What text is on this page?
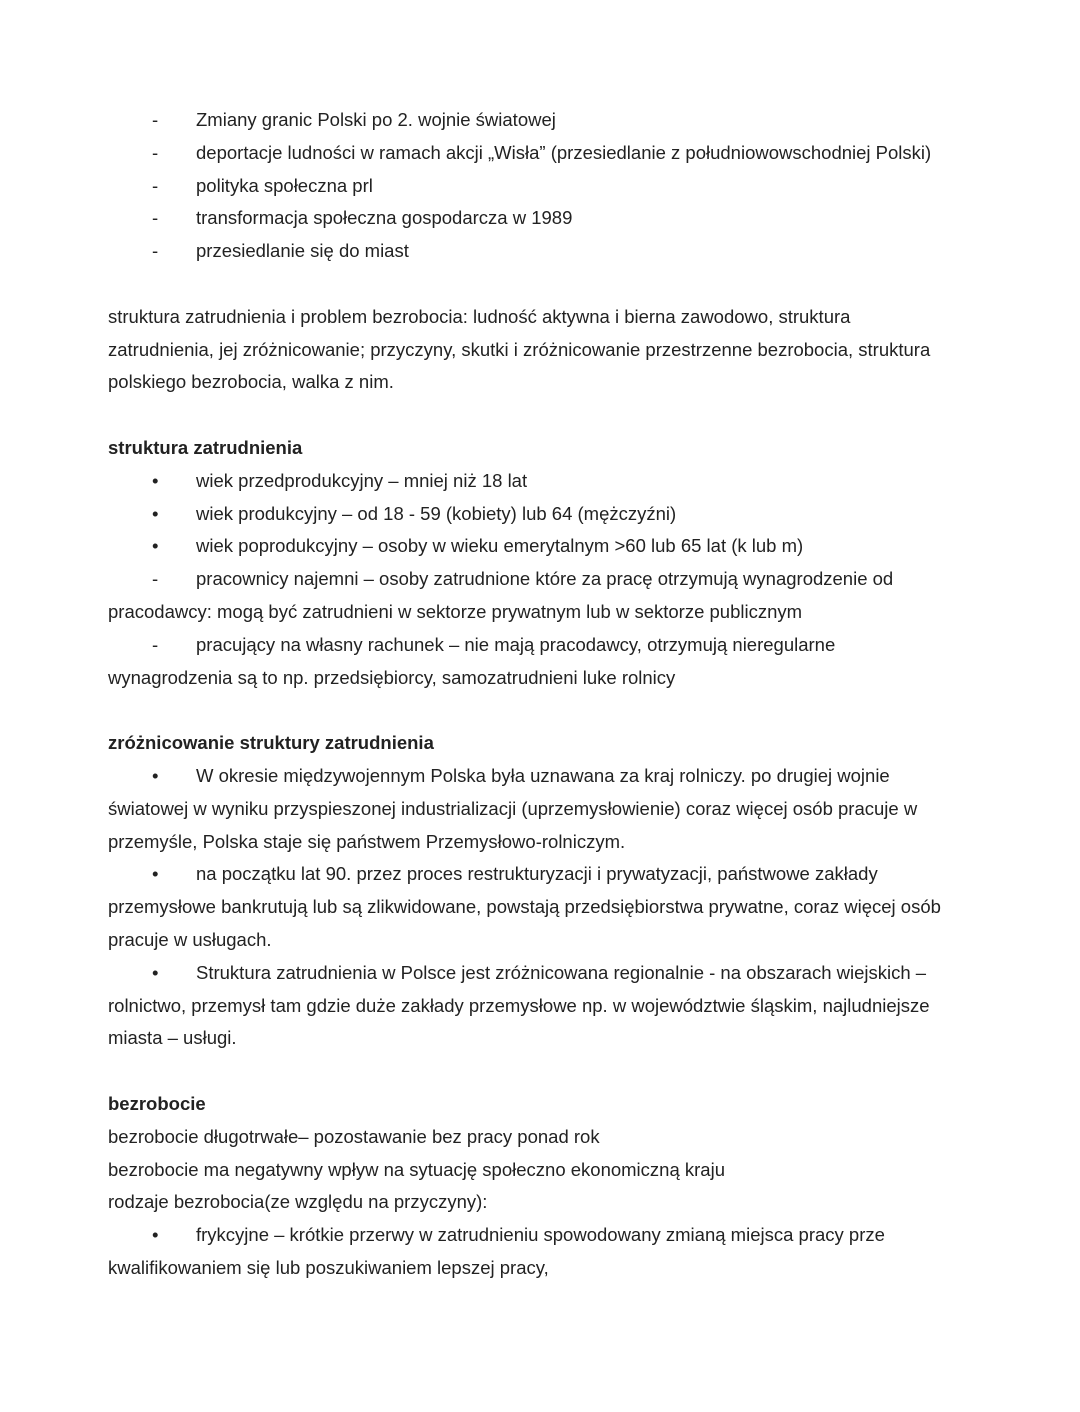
-	Zmiany granic Polski po 2. wojnie światowej
-	deportacje ludności w ramach akcji „Wisła” (przesiedlanie z południowowschodniej Polski)
-	polityka społeczna prl
-	transformacja społeczna gospodarcza w 1989
-	przesiedlanie się do miast
struktura zatrudnienia i problem bezrobocia: ludność aktywna i bierna zawodowo, struktura
zatrudnienia, jej zróżnicowanie; przyczyny, skutki i zróżnicowanie przestrzenne bezrobocia, struktura
polskiego bezrobocia, walka z nim.
struktura zatrudnienia
•	wiek przedprodukcyjny – mniej niż 18 lat
•	wiek produkcyjny – od 18 - 59 (kobiety) lub 64 (mężczyźni)
•	wiek poprodukcyjny – osoby w wieku emerytalnym >60 lub 65 lat (k lub m)
-	pracownicy najemni – osoby zatrudnione które za pracę otrzymują wynagrodzenie od
pracodawcy: mogą być zatrudnieni w sektorze prywatnym lub w sektorze publicznym
-	pracujący na własny rachunek – nie mają pracodawcy, otrzymują nieregularne
wynagrodzenia są to np. przedsiębiorcy, samozatrudnieni luke rolnicy
zróżnicowanie struktury zatrudnienia
•	W okresie międzywojennym Polska była uznawana za kraj rolniczy. po drugiej wojnie
światowej w wyniku przyspieszonej industrializacji (uprzemysłowienie) coraz więcej osób pracuje w
przemyśle, Polska staje się państwem Przemysłowo-rolniczym.
•	na początku lat 90. przez proces restrukturyzacji i prywatyzacji, państwowe zakłady
przemysłowe bankrutują lub są zlikwidowane, powstają przedsiębiorstwa prywatne, coraz więcej osób
pracuje w usługach.
•	Struktura zatrudnienia w Polsce jest zróżnicowana regionalnie - na obszarach wiejskich –
rolnictwo, przemysł tam gdzie duże zakłady przemysłowe np. w województwie śląskim, najludniejsze
miasta – usługi.
bezrobocie
bezrobocie długotrwałe– pozostawanie bez pracy ponad rok
bezrobocie ma negatywny wpływ na sytuację społeczno ekonomiczną kraju
rodzaje bezrobocia(ze względu na przyczyny):
•	frykcyjne – krótkie przerwy w zatrudnieniu spowodowany zmianą miejsca pracy prze
kwalifikowaniem się lub poszukiwaniem lepszej pracy,
